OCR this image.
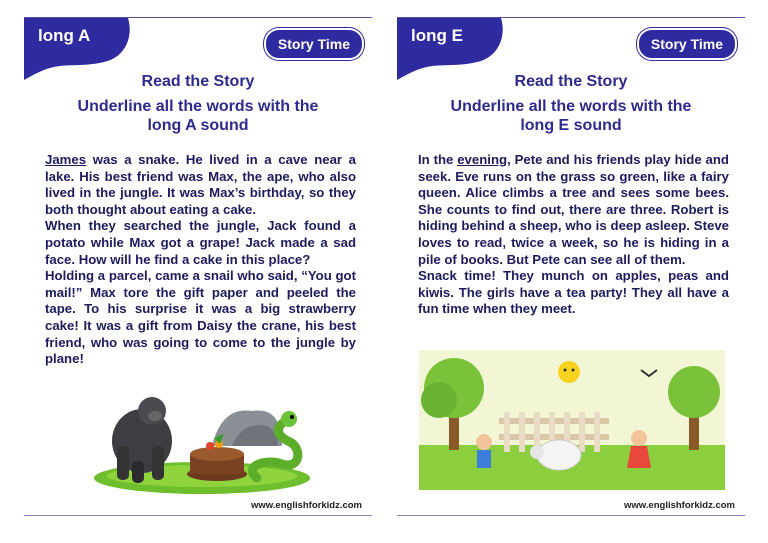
long A	Story Time
Read the Story
Underline all the words with the long A sound

James was a snake. He lived in a cave near a lake. His best friend was Max, the ape, who also lived in the jungle. It was Max’s birthday, so they both thought about eating a cake.

When they searched the jungle, Jack found a potato while Max got a grape! Jack made a sad face. How will he find a cake in this place?

Holding a parcel, came a snail who said, “You got mail!” Max tore the gift paper and peeled the tape. To his surprise it was a big strawberry cake! It was a gift from Daisy the crane, his best friend, who was going to come to the jungle by plane!

www.englishforkidz.com
long E	Story Time
Read the Story
Underline all the words with the long E sound

In the evening, Pete and his friends play hide and seek. Eve runs on the grass so green, like a fairy queen. Alice climbs a tree and sees some bees. She counts to find out, there are three. Robert is hiding behind a sheep, who is deep asleep. Steve loves to read, twice a week, so he is hiding in a pile of books. But Pete can see all of them.

Snack time! They munch on apples, peas and kiwis. The girls have a tea party! They all have a fun time when they meet.

www.englishforkidz.com
